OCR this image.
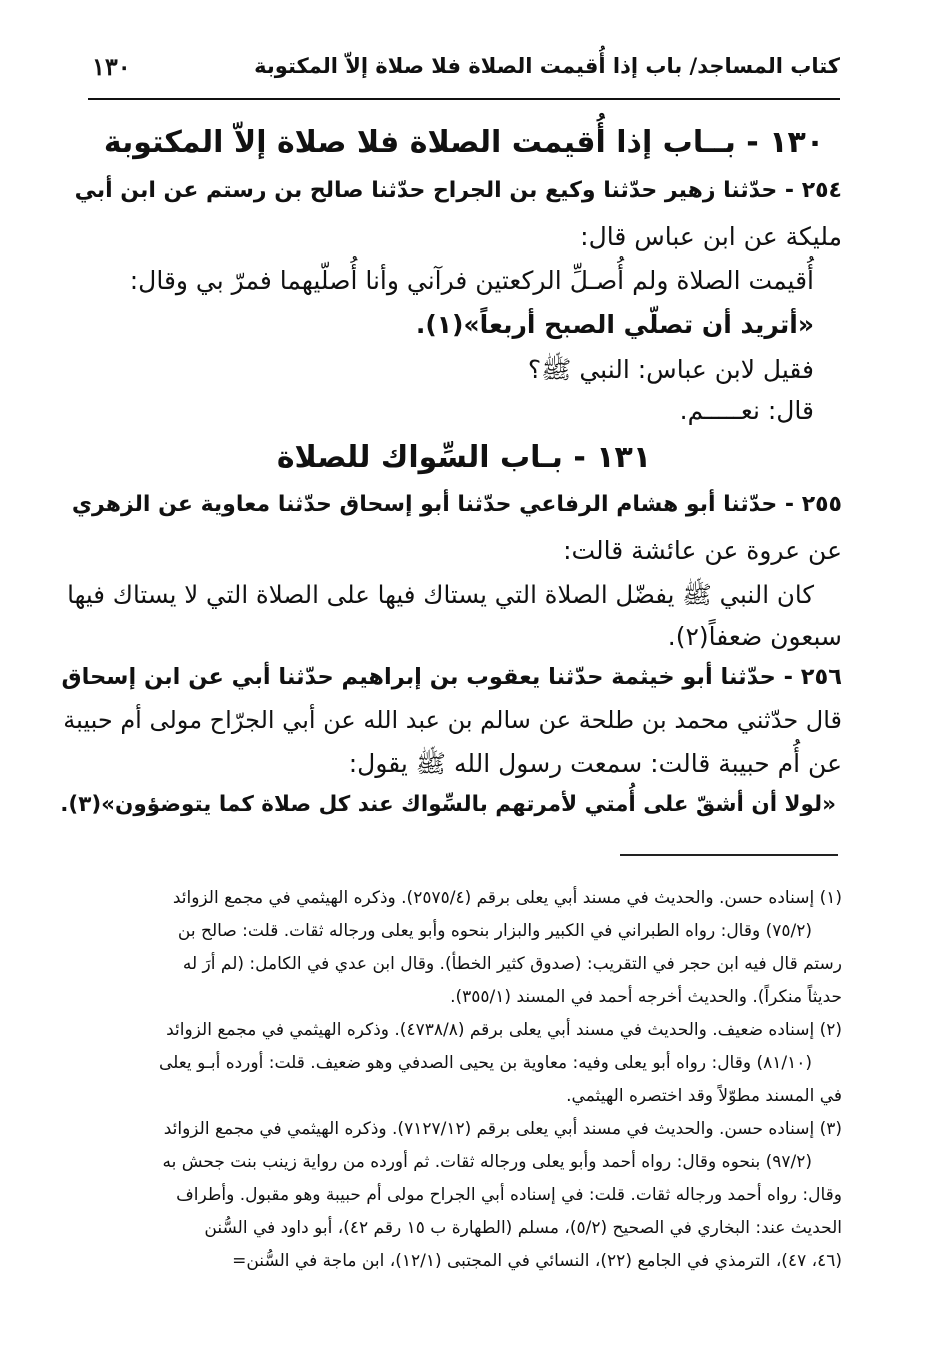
١٣٠	كتاب المساجد/ باب إذا أُقيمت الصلاة فلا صلاة إلاّ المكتوبة
١٣٠ - بــاب إذا أُقيمت الصلاة فلا صلاة إلاّ المكتوبة
٢٥٤ - حدّثنا زهير حدّثنا وكيع بن الجراح حدّثنا صالح بن رستم عن ابن أبي
مليكة عن ابن عباس قال:
أُقيمت الصلاة ولم أُصـلِّ الركعتين فرآني وأنا أُصلّيهما فمرّ بي وقال:
«أتريد أن تصلّي الصبح أربعاً»(١).
فقيل لابن عباس: النبي ﷺ؟
قال: نعـــــم.
١٣١ - بـاب السِّواك للصلاة
٢٥٥ - حدّثنا أبو هشام الرفاعي حدّثنا أبو إسحاق حدّثنا معاوية عن الزهري
عن عروة عن عائشة قالت:
كان النبي ﷺ يفضّل الصلاة التي يستاك فيها على الصلاة التي لا يستاك فيها
سبعون ضعفاً(٢).
٢٥٦ - حدّثنا أبو خيثمة حدّثنا يعقوب بن إبراهيم حدّثنا أبي عن ابن إسحاق
قال حدّثني محمد بن طلحة عن سالم بن عبد الله عن أبي الجرّاح مولى أم حبيبة
عن أُم حبيبة قالت: سمعت رسول الله ﷺ يقول:
«لولا أن أشقّ على أُمتي لأمرتهم بالسِّواك عند كل صلاة كما يتوضؤون»(٣).
(١) إسناده حسن. والحديث في مسند أبي يعلى برقم (٢٥٧٥/٤). وذكره الهيثمي في مجمع الزوائد
(٧٥/٢) وقال: رواه الطبراني في الكبير والبزار بنحوه وأبو يعلى ورجاله ثقات. قلت: صالح بن
رستم قال فيه ابن حجر في التقريب: (صدوق كثير الخطأ). وقال ابن عدي في الكامل: (لم أرَ له
حديثاً منكراً). والحديث أخرجه أحمد في المسند (٣٥٥/١).
(٢) إسناده ضعيف. والحديث في مسند أبي يعلى برقم (٤٧٣٨/٨). وذكره الهيثمي في مجمع الزوائد
(٨١/١٠) وقال: رواه أبو يعلى وفيه: معاوية بن يحيى الصدفي وهو ضعيف. قلت: أورده أبـو يعلى
في المسند مطوّلاً وقد اختصره الهيثمي.
(٣) إسناده حسن. والحديث في مسند أبي يعلى برقم (٧١٢٧/١٢). وذكره الهيثمي في مجمع الزوائد
(٩٧/٢) بنحوه وقال: رواه أحمد وأبو يعلى ورجاله ثقات. ثم أورده من رواية زينب بنت جحش به
وقال: رواه أحمد ورجاله ثقات. قلت: في إسناده أبي الجراح مولى أم حبيبة وهو مقبول. وأطراف
الحديث عند: البخاري في الصحيح (٥/٢)، مسلم (الطهارة ب ١٥ رقم ٤٢)، أبو داود في السُّنن
(٤٦، ٤٧)، الترمذي في الجامع (٢٢)، النسائي في المجتبى (١٢/١)، ابن ماجة في السُّنن=
